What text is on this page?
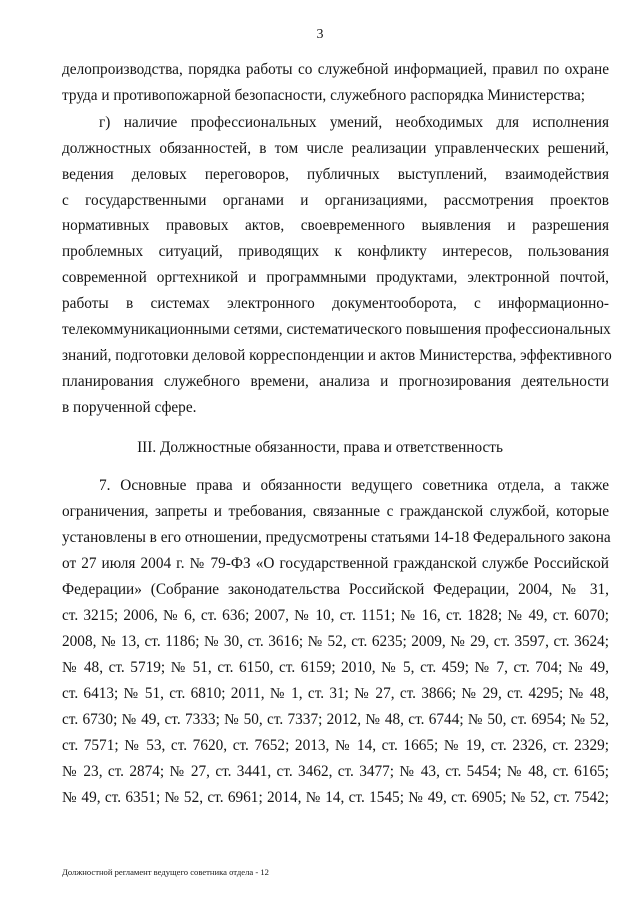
3
делопроизводства, порядка работы со служебной информацией, правил по охране
труда и противопожарной безопасности, служебного распорядка Министерства;
г) наличие профессиональных умений, необходимых для исполнения
должностных обязанностей, в том числе реализации управленческих решений,
ведения деловых переговоров, публичных выступлений, взаимодействия
с государственными органами и организациями, рассмотрения проектов
нормативных правовых актов, своевременного выявления и разрешения
проблемных ситуаций, приводящих к конфликту интересов, пользования
современной оргтехникой и программными продуктами, электронной почтой,
работы в системах электронного документооборота, с информационно-
телекоммуникационными сетями, систематического повышения профессиональных
знаний, подготовки деловой корреспонденции и актов Министерства, эффективного
планирования служебного времени, анализа и прогнозирования деятельности
в порученной сфере.
III. Должностные обязанности, права и ответственность
7. Основные права и обязанности ведущего советника отдела, а также
ограничения, запреты и требования, связанные с гражданской службой, которые
установлены в его отношении, предусмотрены статьями 14-18 Федерального закона
от 27 июля 2004 г. № 79-ФЗ «О государственной гражданской службе Российской
Федерации» (Собрание законодательства Российской Федерации, 2004, № 31,
ст. 3215; 2006, № 6, ст. 636; 2007, № 10, ст. 1151; № 16, ст. 1828; № 49, ст. 6070;
2008, № 13, ст. 1186; № 30, ст. 3616; № 52, ст. 6235; 2009, № 29, ст. 3597, ст. 3624;
№ 48, ст. 5719; № 51, ст. 6150, ст. 6159; 2010, № 5, ст. 459; № 7, ст. 704; № 49,
ст. 6413; № 51, ст. 6810; 2011, № 1, ст. 31; № 27, ст. 3866; № 29, ст. 4295; № 48,
ст. 6730; № 49, ст. 7333; № 50, ст. 7337; 2012, № 48, ст. 6744; № 50, ст. 6954; № 52,
ст. 7571; № 53, ст. 7620, ст. 7652; 2013, № 14, ст. 1665; № 19, ст. 2326, ст. 2329;
№ 23, ст. 2874; № 27, ст. 3441, ст. 3462, ст. 3477; № 43, ст. 5454; № 48, ст. 6165;
№ 49, ст. 6351; № 52, ст. 6961; 2014, № 14, ст. 1545; № 49, ст. 6905; № 52, ст. 7542;
Должностной регламент ведущего советника отдела - 12
